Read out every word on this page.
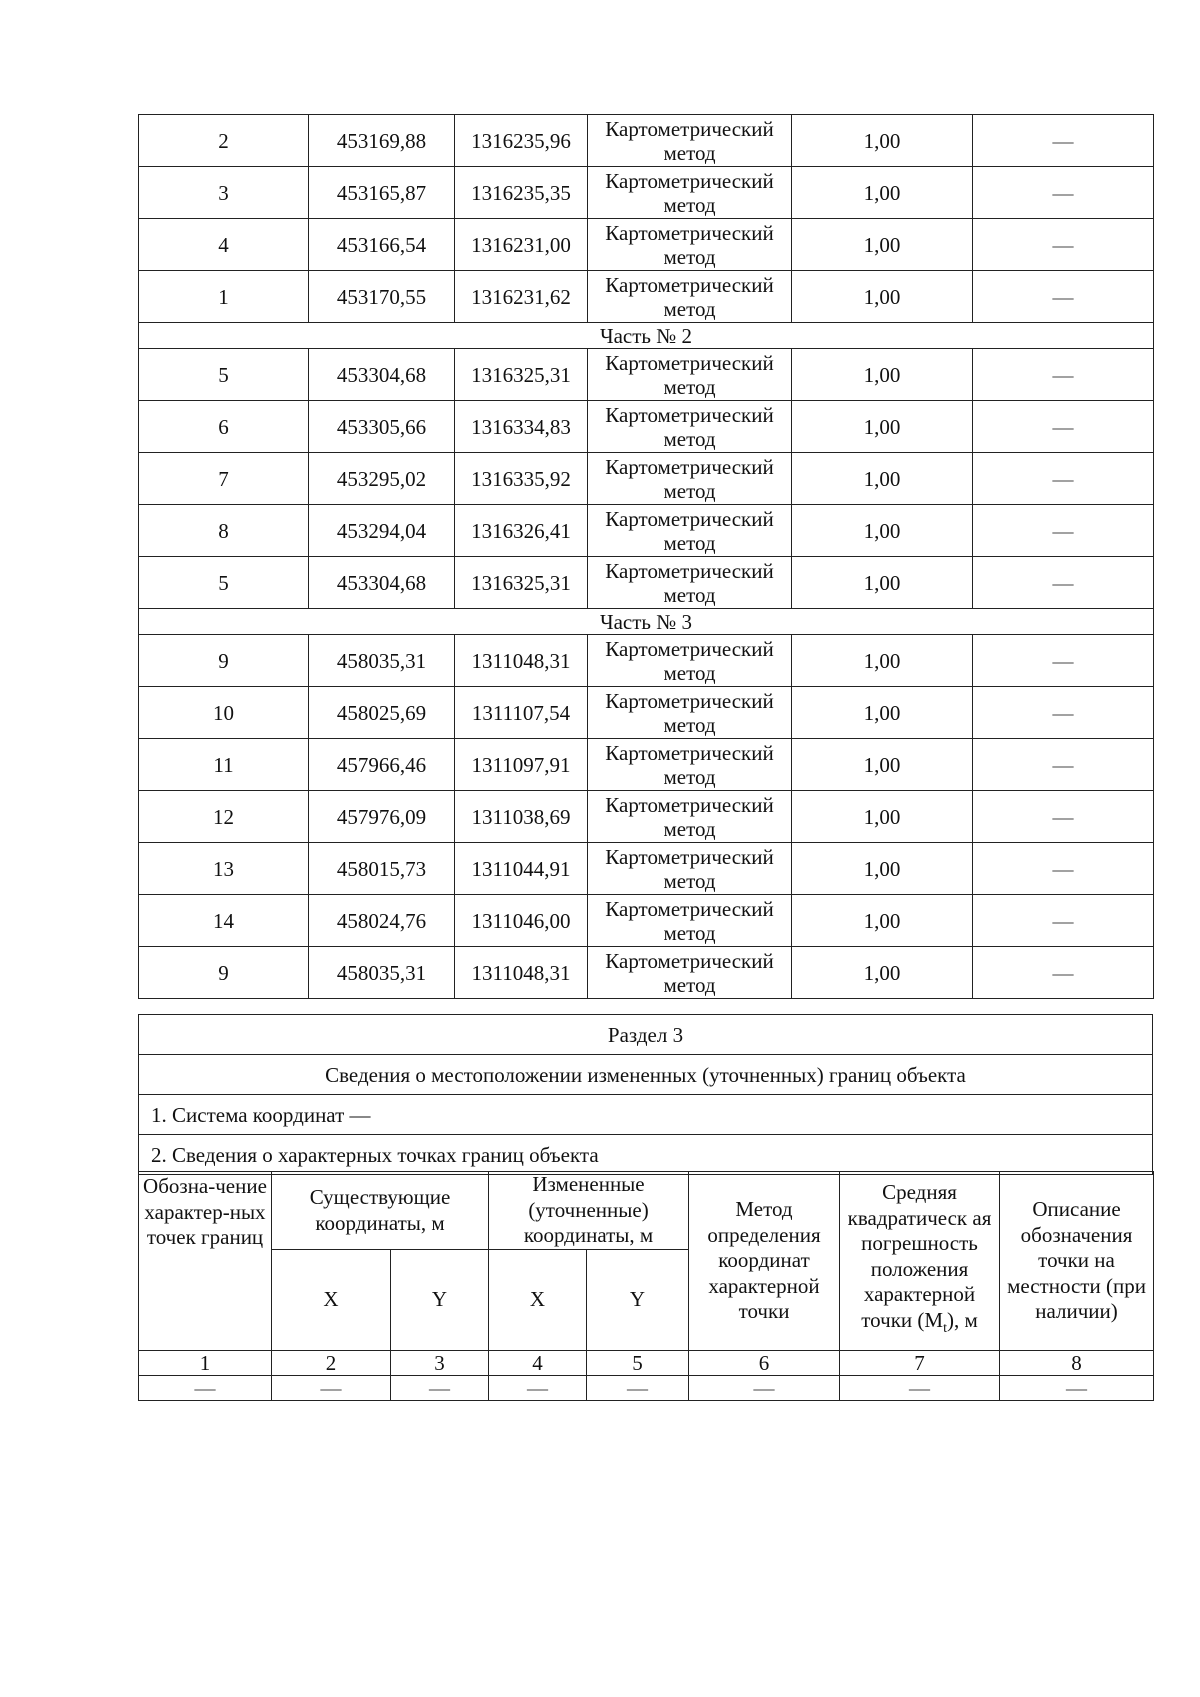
2	453169,88	1316235,96	Картометрический метод	1,00	—
3	453165,87	1316235,35	Картометрический метод	1,00	—
4	453166,54	1316231,00	Картометрический метод	1,00	—
1	453170,55	1316231,62	Картометрический метод	1,00	—
Часть № 2					
5	453304,68	1316325,31	Картометрический метод	1,00	—
6	453305,66	1316334,83	Картометрический метод	1,00	—
7	453295,02	1316335,92	Картометрический метод	1,00	—
8	453294,04	1316326,41	Картометрический метод	1,00	—
5	453304,68	1316325,31	Картометрический метод	1,00	—
Часть № 3					
9	458035,31	1311048,31	Картометрический метод	1,00	—
10	458025,69	1311107,54	Картометрический метод	1,00	—
11	457966,46	1311097,91	Картометрический метод	1,00	—
12	457976,09	1311038,69	Картометрический метод	1,00	—
13	458015,73	1311044,91	Картометрический метод	1,00	—
14	458024,76	1311046,00	Картометрический метод	1,00	—
9	458035,31	1311048,31	Картометрический метод	1,00	—
Раздел 3
Сведения о местоположении измененных (уточненных) границ объекта
1. Система координат —
2. Сведения о характерных точках границ объекта
Обозна-чение характер-ных точек границ	Существующие координаты, м		Измененные (уточненные) координаты, м		Метод определения координат характерной точки	Средняя квадратическ ая погрешность положения характерной точки $(M_t)$, м	Описание обозначения точки на местности (при наличии)
	X	Y	X	Y			
1	2	3	4	5	6	7	8
—	—	—	—	—	—	—	—
